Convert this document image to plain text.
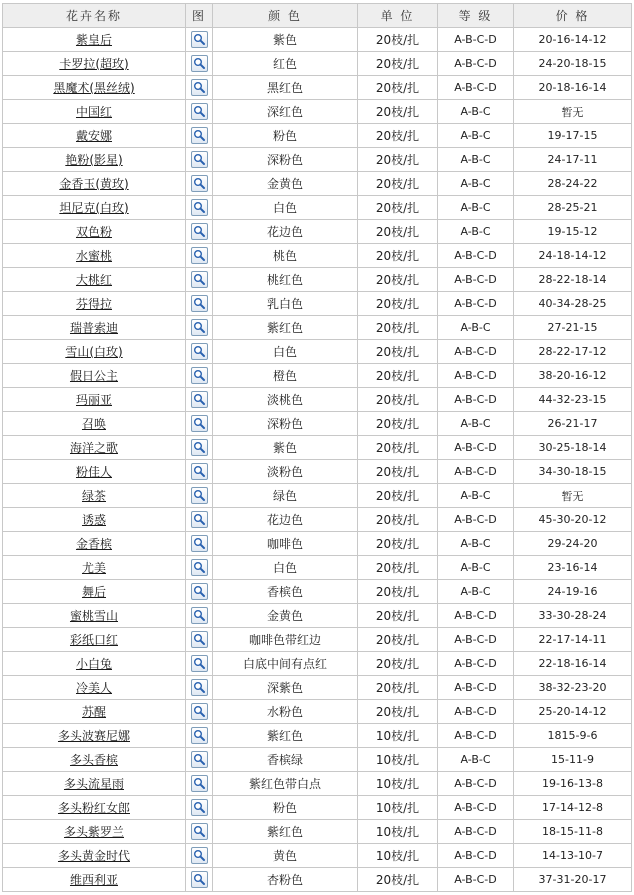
花卉名称	图	颜 色	单 位	等 级	价 格
紫皇后		紫色	20枝/扎	A-B-C-D	20-16-14-12
卡罗拉(超玫)		红色	20枝/扎	A-B-C-D	24-20-18-15
黑魔术(黑丝绒)		黑红色	20枝/扎	A-B-C-D	20-18-16-14
中国红		深红色	20枝/扎	A-B-C	暂无
戴安娜		粉色	20枝/扎	A-B-C	19-17-15
艳粉(影星)		深粉色	20枝/扎	A-B-C	24-17-11
金香玉(黄玫)		金黄色	20枝/扎	A-B-C	28-24-22
坦尼克(白玫)		白色	20枝/扎	A-B-C	28-25-21
双色粉		花边色	20枝/扎	A-B-C	19-15-12
水蜜桃		桃色	20枝/扎	A-B-C-D	24-18-14-12
大桃红		桃红色	20枝/扎	A-B-C-D	28-22-18-14
芬得拉		乳白色	20枝/扎	A-B-C-D	40-34-28-25
瑞普索迪		紫红色	20枝/扎	A-B-C	27-21-15
雪山(白玫)		白色	20枝/扎	A-B-C-D	28-22-17-12
假日公主		橙色	20枝/扎	A-B-C-D	38-20-16-12
玛丽亚		淡桃色	20枝/扎	A-B-C-D	44-32-23-15
召唤		深粉色	20枝/扎	A-B-C	26-21-17
海洋之歌		紫色	20枝/扎	A-B-C-D	30-25-18-14
粉佳人		淡粉色	20枝/扎	A-B-C-D	34-30-18-15
绿茶		绿色	20枝/扎	A-B-C	暂无
诱惑		花边色	20枝/扎	A-B-C-D	45-30-20-12
金香槟		咖啡色	20枝/扎	A-B-C	29-24-20
尤美		白色	20枝/扎	A-B-C	23-16-14
舞后		香槟色	20枝/扎	A-B-C	24-19-16
蜜桃雪山		金黄色	20枝/扎	A-B-C-D	33-30-28-24
彩纸口红		咖啡色带红边	20枝/扎	A-B-C-D	22-17-14-11
小白兔		白底中间有点红	20枝/扎	A-B-C-D	22-18-16-14
冷美人		深紫色	20枝/扎	A-B-C-D	38-32-23-20
苏醒		水粉色	20枝/扎	A-B-C-D	25-20-14-12
多头波赛尼娜		紫红色	10枝/扎	A-B-C-D	1815-9-6
多头香槟		香槟绿	10枝/扎	A-B-C	15-11-9
多头流星雨		紫红色带白点	10枝/扎	A-B-C-D	19-16-13-8
多头粉红女郎		粉色	10枝/扎	A-B-C-D	17-14-12-8
多头紫罗兰		紫红色	10枝/扎	A-B-C-D	18-15-11-8
多头黄金时代		黄色	10枝/扎	A-B-C-D	14-13-10-7
维西利亚		杏粉色	20枝/扎	A-B-C-D	37-31-20-17
